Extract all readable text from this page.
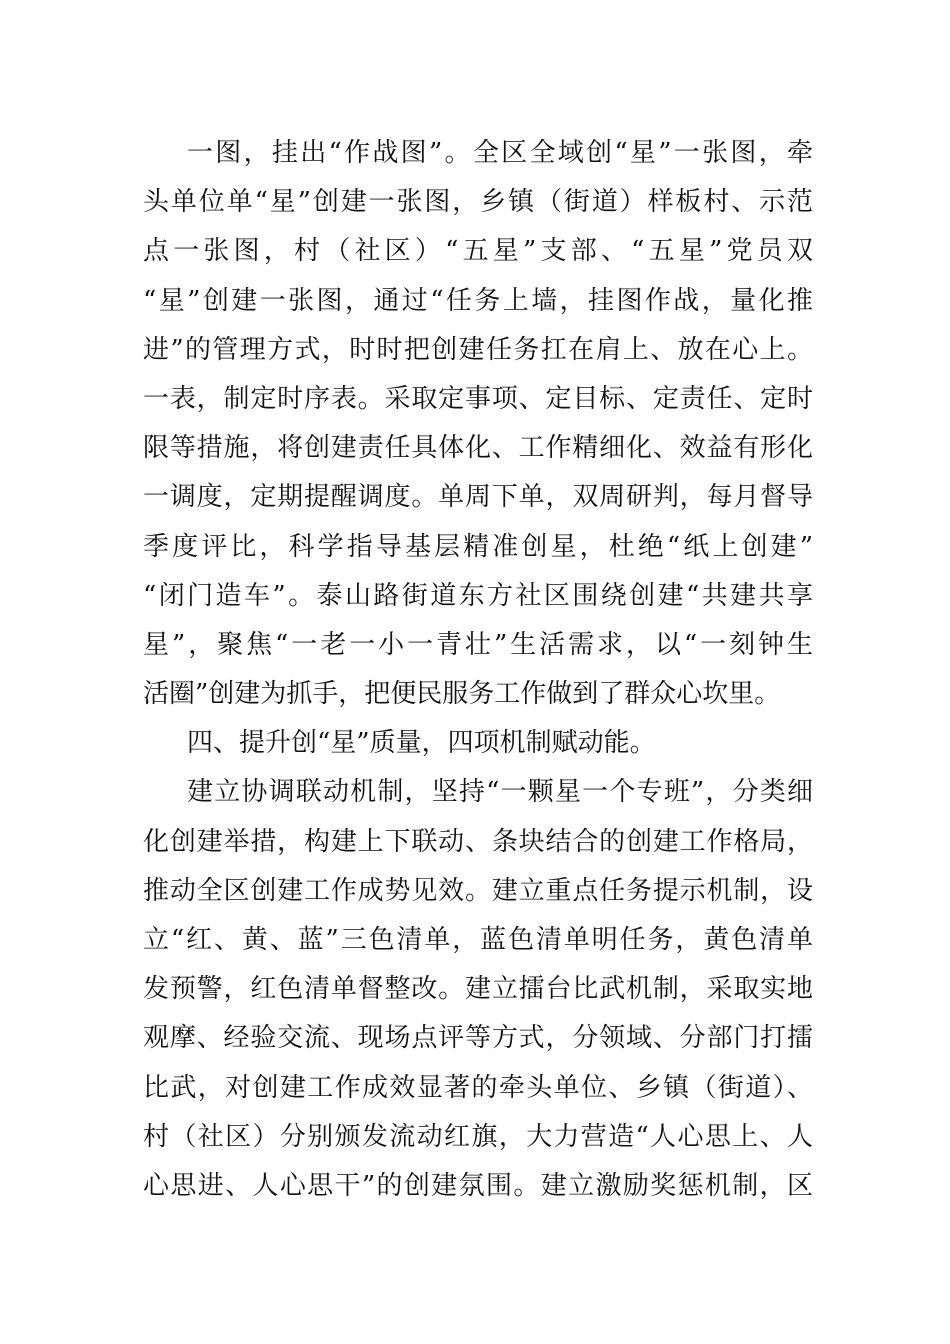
一图，挂出“作战图”。全区全域创“星”一张图，牵
头单位单“星”创建一张图，乡镇（街道）样板村、示范
点一张图，村（社区）“五星”支部、“五星”党员双
“星”创建一张图，通过“任务上墙，挂图作战，量化推
进”的管理方式，时时把创建任务扛在肩上、放在心上。
一表，制定时序表。采取定事项、定目标、定责任、定时
限等措施，将创建责任具体化、工作精细化、效益有形化
一调度，定期提醒调度。单周下单，双周研判，每月督导
季度评比，科学指导基层精准创星，杜绝“纸上创建”
“闭门造车”。泰山路街道东方社区围绕创建“共建共享
星”，聚焦“一老一小一青壮”生活需求，以“一刻钟生
活圈”创建为抓手，把便民服务工作做到了群众心坎里。
四、提升创“星”质量，四项机制赋动能。
建立协调联动机制，坚持“一颗星一个专班”，分类细
化创建举措，构建上下联动、条块结合的创建工作格局，
推动全区创建工作成势见效。建立重点任务提示机制，设
立“红、黄、蓝”三色清单，蓝色清单明任务，黄色清单
发预警，红色清单督整改。建立擂台比武机制，采取实地
观摩、经验交流、现场点评等方式，分领域、分部门打擂
比武，对创建工作成效显著的牵头单位、乡镇（街道）、
村（社区）分别颁发流动红旗，大力营造“人心思上、人
心思进、人心思干”的创建氛围。建立激励奖惩机制，区
